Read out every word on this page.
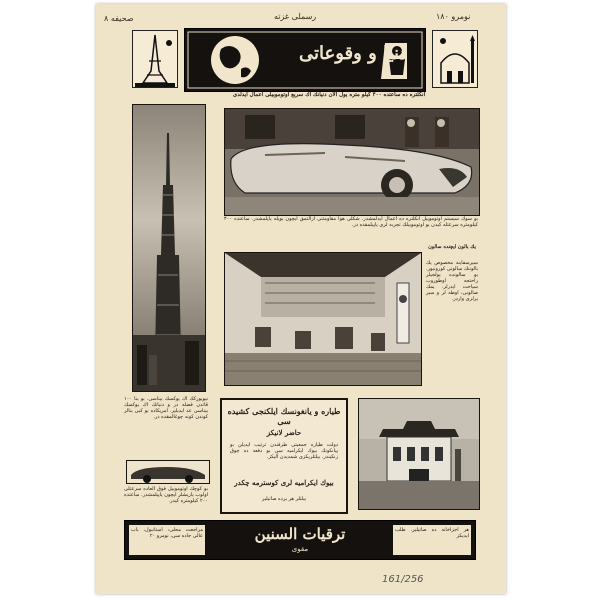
صحیفه ۸	رسملى غزته	نومرو ۱۸۰
دنیا و وقوعاتی
انكلتره ده ساعتده ۴۰۰ كیلو متره یول آلان دنیانك اك سریع اوتوموبیلی اعمال ایدلدی
بو سوك سیستم اوتوموبیل انكلتره ده اعمال ایدلمشدر. شكلی هوا مقاومتنی آزالتمق ایچون بویله یاپلمشدر. ساعتده ۴۰۰ كیلومتره سرعتله كیدن بو اوتوموبیلك تجربه لری یاپیلمقده در.
یك بالون ایچنده سالون
سیرسفاینه مخصوص یك بالوننك سالونی كورونیور. بو سالونده یولجیلر راحتجه اوطوروب سیاحت ایدرلر. یمك صالونی، اوطه لر و سیر یرلری واردر.
نیویوركك اك یوكسك بیناسی. بو بنا ۱۰۰ قاتدن فضله در و دنیانك اك یوكسك بیناسی عد ایدیلیر. امریكاده بو كبی بنالر كوندن كونه چوغالمقده در.
بو كوچك اوتوموبیل فوق العاده سرعتلی اولوب یاریشلر ایچون یاپیلمشدر. ساعتده ۲۰۰ كیلومتره كیدر.
طیاره و یانغونسك ایلكنجی كشیده سی
حاضر لانیكز
دولت طیاره جمعیتی طرفندن ترتیب ایدیلن بو پیانكونك بیوك ایكرامیه سی بو دفعه ده چوق زنكیندر. بیلتلریكزی شمدیدن آلیكز.
بیوك ایكرامیه لری كوسترمه چكدر
بیلتلر هر یرده صاتیلیر
مراجعت محلی: استانبول، باب عالی جاده سی، نومرو ۲۰	ترقیات السنین
مقوی
هر اجزاخانه ده صاتیلیر. طلب ایدیكز
161/256
